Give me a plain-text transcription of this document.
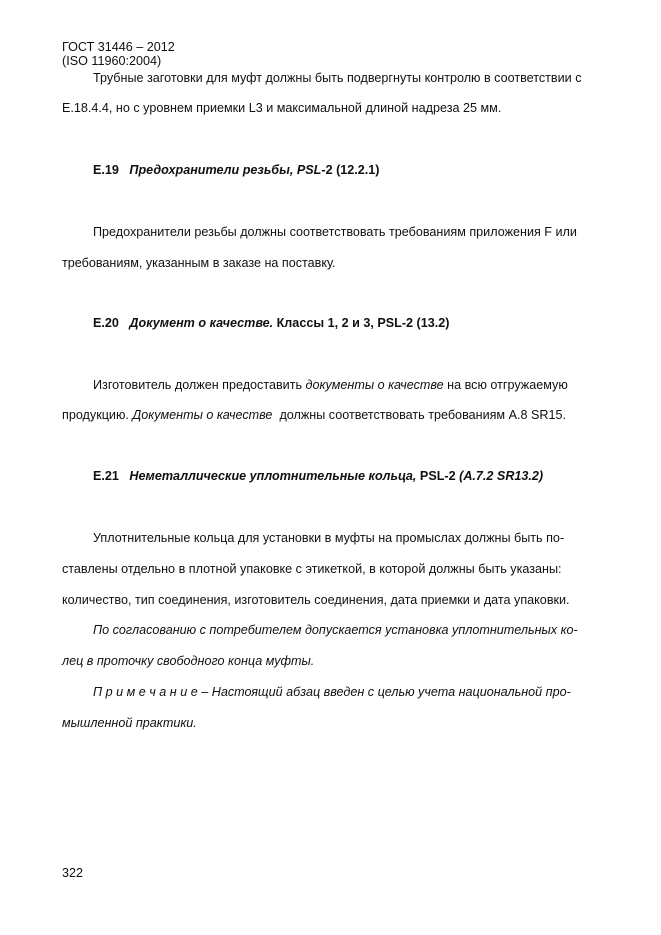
ГОСТ 31446 – 2012
(ISO 11960:2004)
Трубные заготовки для муфт должны быть подвергнуты контролю в соответствии с
E.18.4.4, но с уровнем приемки L3 и максимальной длиной надреза 25 мм.
E.19 Предохранители резьбы, PSL-2 (12.2.1)
Предохранители резьбы должны соответствовать требованиям приложения F или
требованиям, указанным в заказе на поставку.
E.20 Документ о качестве. Классы 1, 2 и 3, PSL-2 (13.2)
Изготовитель должен предоставить документы о качестве на всю отгружаемую
продукцию. Документы о качестве должны соответствовать требованиям A.8 SR15.
E.21 Неметаллические уплотнительные кольца, PSL-2 (A.7.2 SR13.2)
Уплотнительные кольца для установки в муфты на промыслах должны быть по-
ставлены отдельно в плотной упаковке с этикеткой, в которой должны быть указаны:
количество, тип соединения, изготовитель соединения, дата приемки и дата упаковки.
По согласованию с потребителем допускается установка уплотнительных ко-
лец в проточку свободного конца муфты.
П р и м е ч а н и е – Настоящий абзац введен с целью учета национальной про-
мышленной практики.
322
